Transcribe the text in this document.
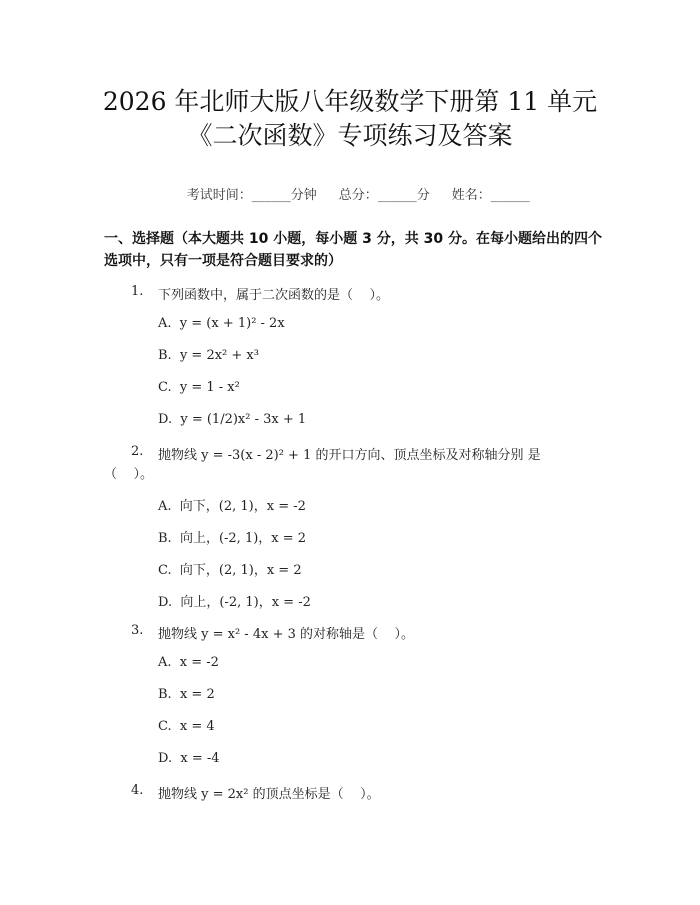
2026 年北师大版八年级数学下册第 11 单元
《二次函数》专项练习及答案

考试时间：______分钟 总分：______分 姓名：______

一、选择题（本大题共 10 小题，每小题 3 分，共 30 分。在每小题给出的四个选项中，只有一项是符合题目要求的）
1. 下列函数中，属于二次函数的是（    ）。
A.  y = (x + 1)² - 2x
B.  y = 2x² + x³
C.  y = 1 - x²
D.  y = (1/2)x² - 3x + 1
2. 抛物线 y = -3(x - 2)² + 1 的开口方向、顶点坐标及对称轴分别 是
（    ）。
A.  向下，(2, 1)，x = -2
B.  向上，(-2, 1)，x = 2
C.  向下，(2, 1)，x = 2
D.  向上，(-2, 1)，x = -2
3. 抛物线 y = x² - 4x + 3 的对称轴是（    ）。
A.  x = -2
B.  x = 2
C.  x = 4
D.  x = -4
4. 抛物线 y = 2x² 的顶点坐标是（    ）。
